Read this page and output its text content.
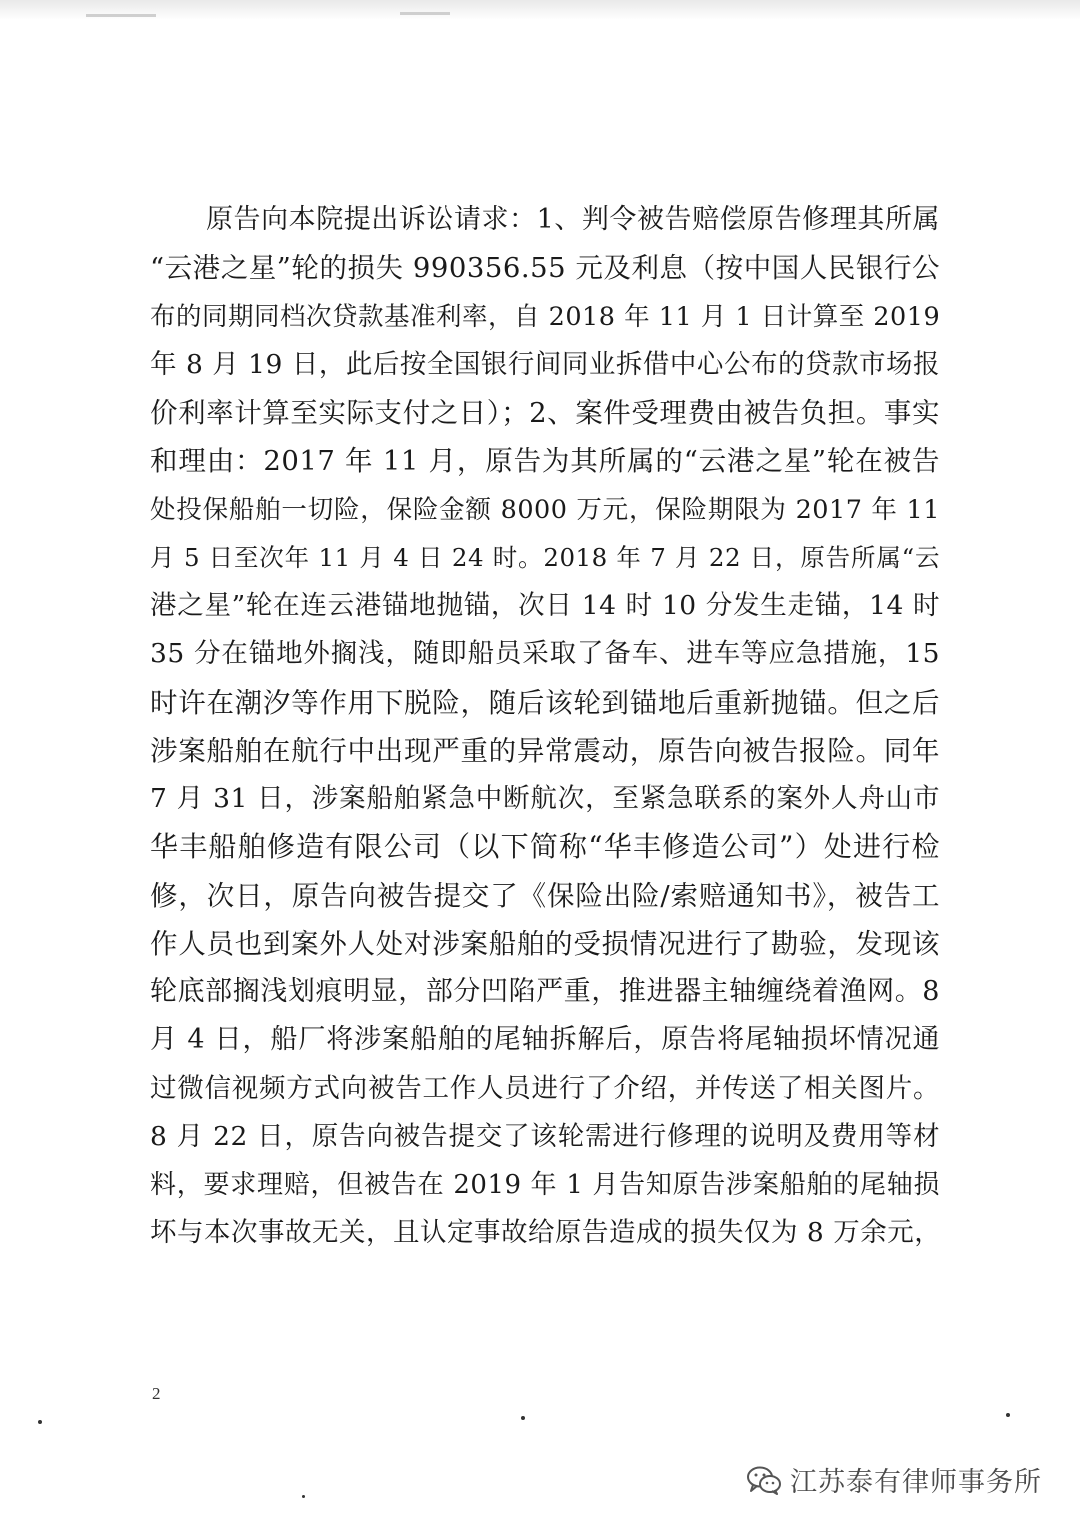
原告向本院提出诉讼请求：1、判令被告赔偿原告修理其所属
“云港之星”轮的损失 990356.55 元及利息（按中国人民银行公
布的同期同档次贷款基准利率，自 2018 年 11 月 1 日计算至 2019
年 8 月 19 日，此后按全国银行间同业拆借中心公布的贷款市场报
价利率计算至实际支付之日）；2、案件受理费由被告负担。事实
和理由：2017 年 11 月，原告为其所属的“云港之星”轮在被告
处投保船舶一切险，保险金额 8000 万元，保险期限为 2017 年 11
月 5 日至次年 11 月 4 日 24 时。2018 年 7 月 22 日，原告所属“云
港之星”轮在连云港锚地抛锚，次日 14 时 10 分发生走锚，14 时
35 分在锚地外搁浅，随即船员采取了备车、进车等应急措施，15
时许在潮汐等作用下脱险，随后该轮到锚地后重新抛锚。但之后
涉案船舶在航行中出现严重的异常震动，原告向被告报险。同年
7 月 31 日，涉案船舶紧急中断航次，至紧急联系的案外人舟山市
华丰船舶修造有限公司（以下简称“华丰修造公司”）处进行检
修，次日，原告向被告提交了《保险出险/索赔通知书》，被告工
作人员也到案外人处对涉案船舶的受损情况进行了勘验，发现该
轮底部搁浅划痕明显，部分凹陷严重，推进器主轴缠绕着渔网。8
月 4 日，船厂将涉案船舶的尾轴拆解后，原告将尾轴损坏情况通
过微信视频方式向被告工作人员进行了介绍，并传送了相关图片。
8 月 22 日，原告向被告提交了该轮需进行修理的说明及费用等材
料，要求理赔，但被告在 2019 年 1 月告知原告涉案船舶的尾轴损
坏与本次事故无关，且认定事故给原告造成的损失仅为 8 万余元，
2
江苏泰有律师事务所
